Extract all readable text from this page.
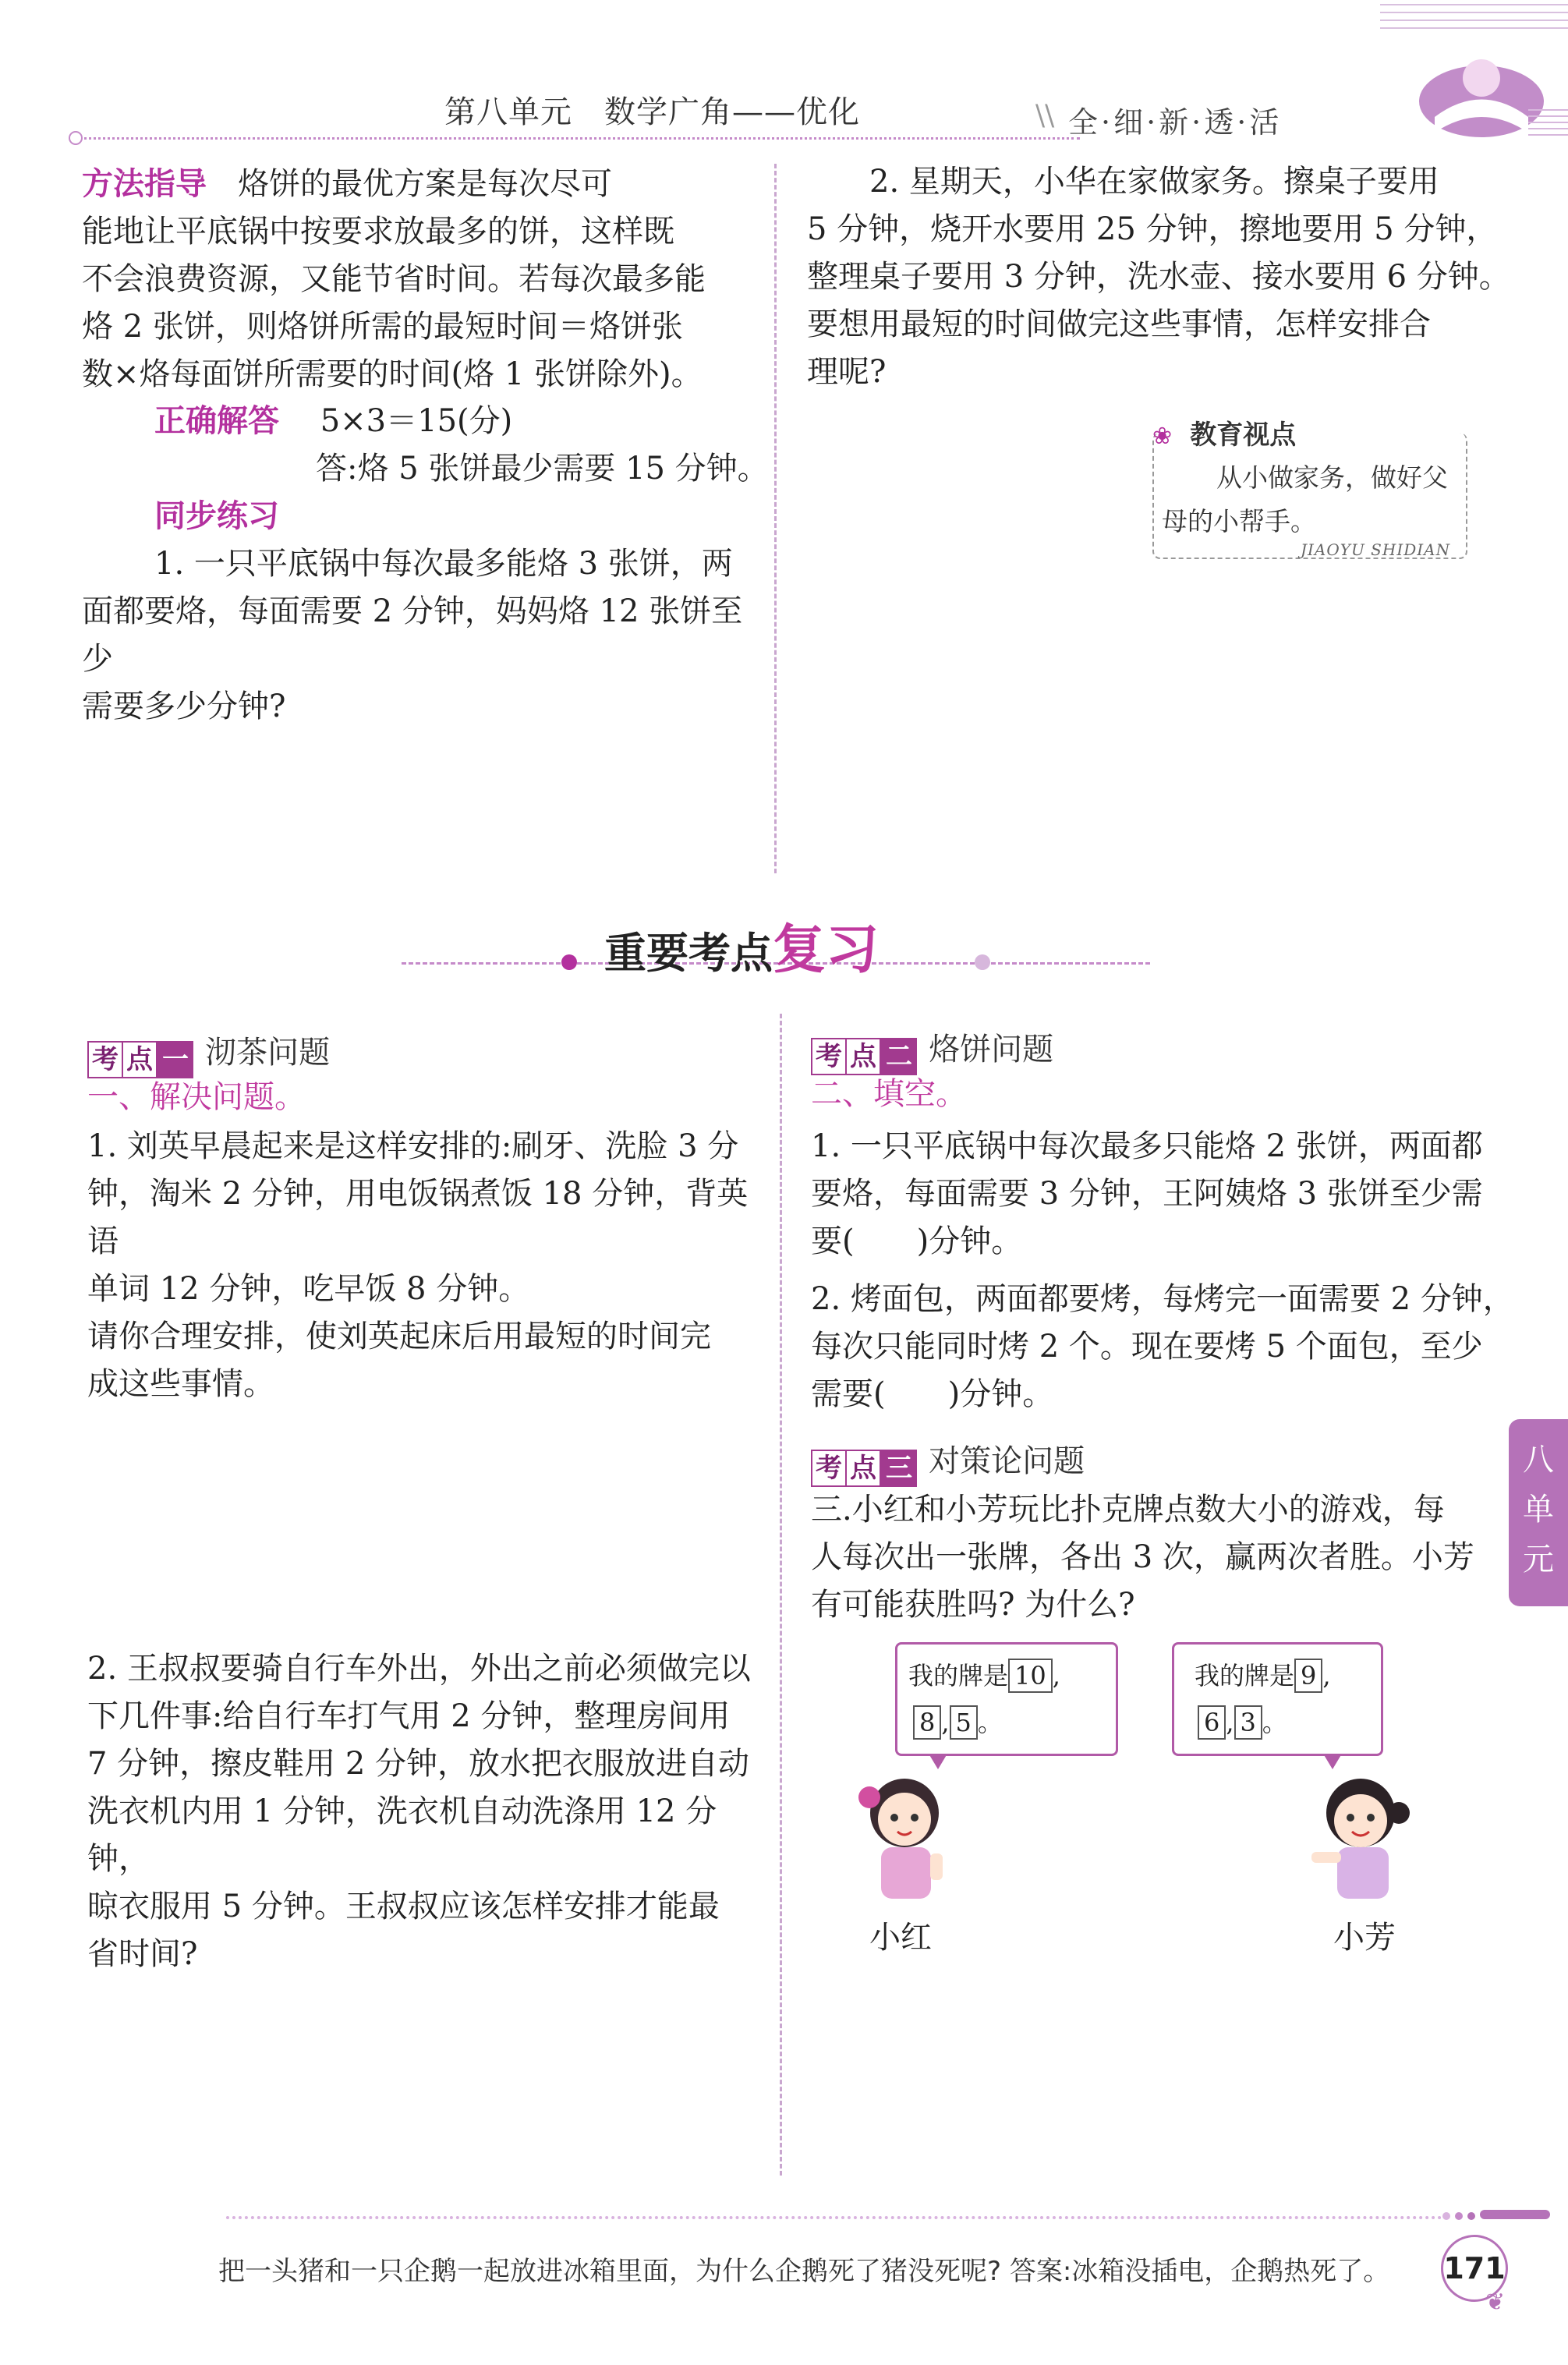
第八单元　数学广角——优化	\\ 全·细·新·透·活
方法指导　 烙饼的最优方案是每次尽可
能地让平底锅中按要求放最多的饼，这样既
不会浪费资源，又能节省时间。若每次最多能
烙 2 张饼，则烙饼所需的最短时间＝烙饼张
数×烙每面饼所需要的时间(烙 1 张饼除外)。
正确解答　 5×3＝15(分)
答:烙 5 张饼最少需要 15 分钟。
同步练习
1. 一只平底锅中每次最多能烙 3 张饼，两
面都要烙，每面需要 2 分钟，妈妈烙 12 张饼至少
需要多少分钟?
2. 星期天，小华在家做家务。擦桌子要用
5 分钟，烧开水要用 25 分钟，擦地要用 5 分钟，
整理桌子要用 3 分钟，洗水壶、接水要用 6 分钟。
要想用最短的时间做完这些事情，怎样安排合
理呢?
❀ 教育视点
从小做家务，做好父
母的小帮手。
JIAOYU SHIDIAN
重要考点复习
考 点 一 沏茶问题
一、解决问题。
1. 刘英早晨起来是这样安排的:刷牙、洗脸 3 分
钟，淘米 2 分钟，用电饭锅煮饭 18 分钟，背英语
单词 12 分钟，吃早饭 8 分钟。
请你合理安排，使刘英起床后用最短的时间完
成这些事情。
2. 王叔叔要骑自行车外出，外出之前必须做完以
下几件事:给自行车打气用 2 分钟，整理房间用
7 分钟，擦皮鞋用 2 分钟，放水把衣服放进自动
洗衣机内用 1 分钟，洗衣机自动洗涤用 12 分钟，
晾衣服用 5 分钟。王叔叔应该怎样安排才能最
省时间?
考 点 二 烙饼问题
二、填空。
1. 一只平底锅中每次最多只能烙 2 张饼，两面都
要烙，每面需要 3 分钟，王阿姨烙 3 张饼至少需
要(　　)分钟。
2. 烤面包，两面都要烤，每烤完一面需要 2 分钟，
每次只能同时烤 2 个。现在要烤 5 个面包，至少
需要(　　)分钟。
考 点 三 对策论问题
三.小红和小芳玩比扑克牌点数大小的游戏，每
人每次出一张牌，各出 3 次，赢两次者胜。小芳
有可能获胜吗? 为什么?
我的牌是 10 ,
8 , 5 。
我的牌是 9 ,
6 , 3 。
小红	小芳
八
单
元
把一头猪和一只企鹅一起放进冰箱里面，为什么企鹅死了猪没死呢? 答案:冰箱没插电，企鹅热死了。 171
❦
